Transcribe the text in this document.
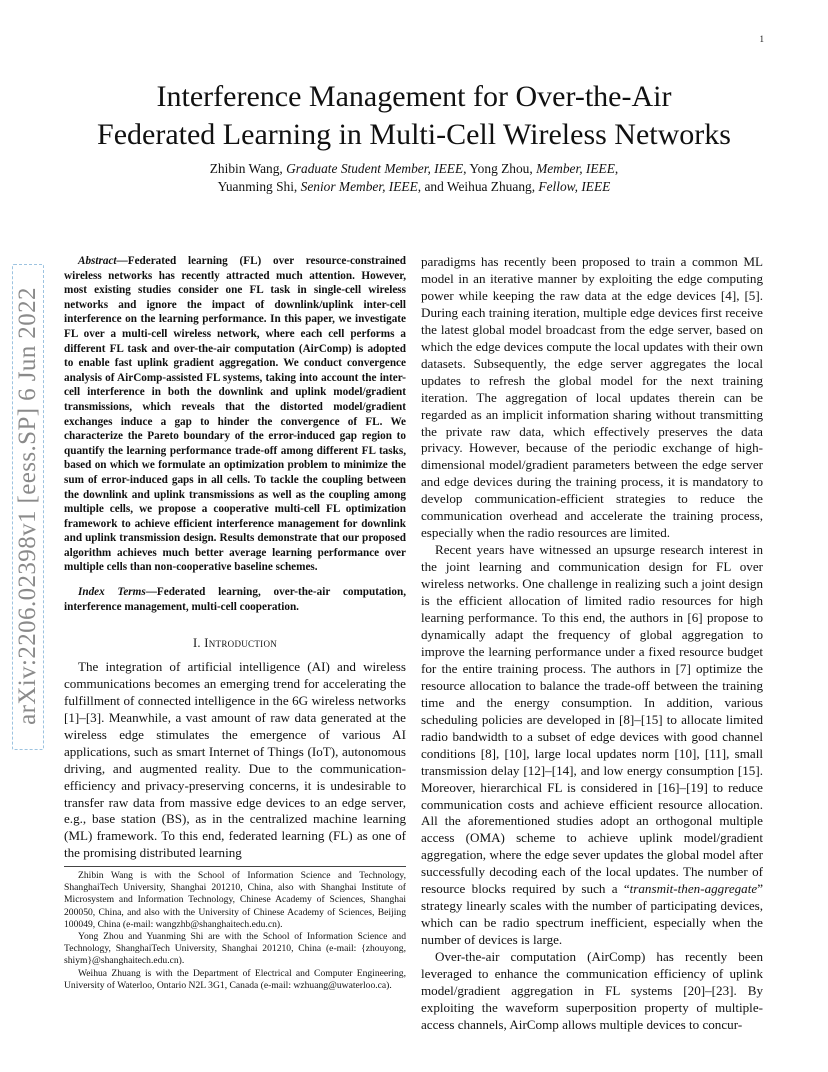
1
arXiv:2206.02398v1 [eess.SP] 6 Jun 2022
Interference Management for Over-the-Air
Federated Learning in Multi-Cell Wireless Networks
Zhibin Wang, Graduate Student Member, IEEE, Yong Zhou, Member, IEEE,
Yuanming Shi, Senior Member, IEEE, and Weihua Zhuang, Fellow, IEEE

Abstract—Federated learning (FL) over resource-constrained wireless networks has recently attracted much attention. However, most existing studies consider one FL task in single-cell wireless networks and ignore the impact of downlink/uplink inter-cell interference on the learning performance. In this paper, we investigate FL over a multi-cell wireless network, where each cell performs a different FL task and over-the-air computation (AirComp) is adopted to enable fast uplink gradient aggregation. We conduct convergence analysis of AirComp-assisted FL systems, taking into account the inter-cell interference in both the downlink and uplink model/gradient transmissions, which reveals that the distorted model/gradient exchanges induce a gap to hinder the convergence of FL. We characterize the Pareto boundary of the error-induced gap region to quantify the learning performance trade-off among different FL tasks, based on which we formulate an optimization problem to minimize the sum of error-induced gaps in all cells. To tackle the coupling between the downlink and uplink transmissions as well as the coupling among multiple cells, we propose a cooperative multi-cell FL optimization framework to achieve efficient interference management for downlink and uplink transmission design. Results demonstrate that our proposed algorithm achieves much better average learning performance over multiple cells than non-cooperative baseline schemes.

Index Terms—Federated learning, over-the-air computation, interference management, multi-cell cooperation.

I. Introduction

The integration of artificial intelligence (AI) and wireless communications becomes an emerging trend for accelerating the fulfillment of connected intelligence in the 6G wireless networks [1]–[3]. Meanwhile, a vast amount of raw data generated at the wireless edge stimulates the emergence of various AI applications, such as smart Internet of Things (IoT), autonomous driving, and augmented reality. Due to the communication-efficiency and privacy-preserving concerns, it is undesirable to transfer raw data from massive edge devices to an edge server, e.g., base station (BS), as in the centralized machine learning (ML) framework. To this end, federated learning (FL) as one of the promising distributed learning

Zhibin Wang is with the School of Information Science and Technology, ShanghaiTech University, Shanghai 201210, China, also with Shanghai Institute of Microsystem and Information Technology, Chinese Academy of Sciences, Shanghai 200050, China, and also with the University of Chinese Academy of Sciences, Beijing 100049, China (e-mail: wangzhb@shanghaitech.edu.cn).

Yong Zhou and Yuanming Shi are with the School of Information Science and Technology, ShanghaiTech University, Shanghai 201210, China (e-mail: {zhouyong, shiym}@shanghaitech.edu.cn).

Weihua Zhuang is with the Department of Electrical and Computer Engineering, University of Waterloo, Ontario N2L 3G1, Canada (e-mail: wzhuang@uwaterloo.ca).

paradigms has recently been proposed to train a common ML model in an iterative manner by exploiting the edge computing power while keeping the raw data at the edge devices [4], [5]. During each training iteration, multiple edge devices first receive the latest global model broadcast from the edge server, based on which the edge devices compute the local updates with their own datasets. Subsequently, the edge server aggregates the local updates to refresh the global model for the next training iteration. The aggregation of local updates therein can be regarded as an implicit information sharing without transmitting the private raw data, which effectively preserves the data privacy. However, because of the periodic exchange of high-dimensional model/gradient parameters between the edge server and edge devices during the training process, it is mandatory to develop communication-efficient strategies to reduce the communication overhead and accelerate the training process, especially when the radio resources are limited.

Recent years have witnessed an upsurge research interest in the joint learning and communication design for FL over wireless networks. One challenge in realizing such a joint design is the efficient allocation of limited radio resources for high learning performance. To this end, the authors in [6] propose to dynamically adapt the frequency of global aggregation to improve the learning performance under a fixed resource budget for the entire training process. The authors in [7] optimize the resource allocation to balance the trade-off between the training time and the energy consumption. In addition, various scheduling policies are developed in [8]–[15] to allocate limited radio bandwidth to a subset of edge devices with good channel conditions [8], [10], large local updates norm [10], [11], small transmission delay [12]–[14], and low energy consumption [15]. Moreover, hierarchical FL is considered in [16]–[19] to reduce communication costs and achieve efficient resource allocation. All the aforementioned studies adopt an orthogonal multiple access (OMA) scheme to achieve uplink model/gradient aggregation, where the edge sever updates the global model after successfully decoding each of the local updates. The number of resource blocks required by such a “transmit-then-aggregate” strategy linearly scales with the number of participating devices, which can be radio spectrum inefficient, especially when the number of devices is large.

Over-the-air computation (AirComp) has recently been leveraged to enhance the communication efficiency of uplink model/gradient aggregation in FL systems [20]–[23]. By exploiting the waveform superposition property of multiple-access channels, AirComp allows multiple devices to concur-
